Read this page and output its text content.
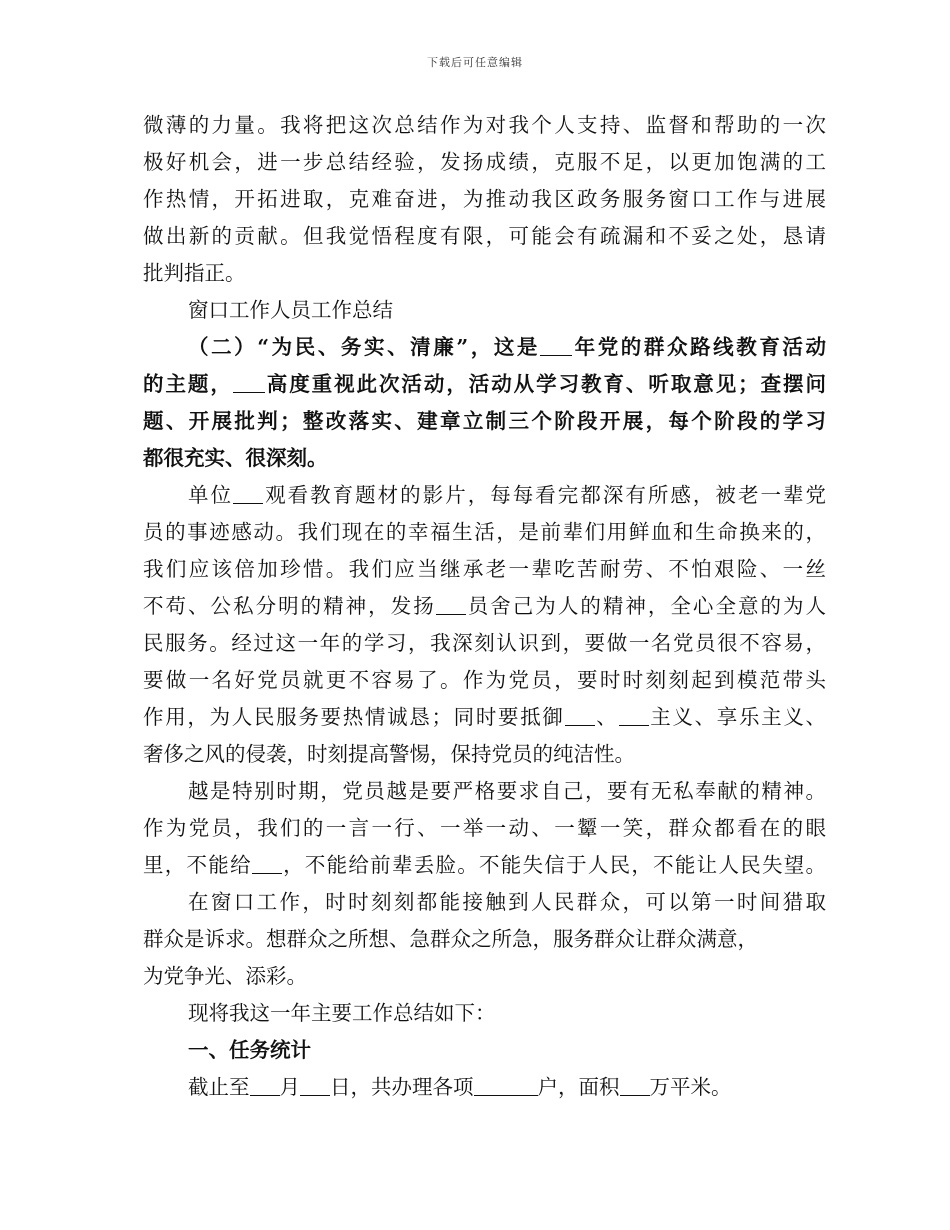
下载后可任意编辑
微薄的力量。我将把这次总结作为对我个人支持、监督和帮助的一次
极好机会，进一步总结经验，发扬成绩，克服不足，以更加饱满的工
作热情，开拓进取，克难奋进，为推动我区政务服务窗口工作与进展
做出新的贡献。但我觉悟程度有限，可能会有疏漏和不妥之处，恳请
批判指正。
窗口工作人员工作总结
（二）“为民、务实、清廉”，这是 年党的群众路线教育活动
的主题， 高度重视此次活动，活动从学习教育、听取意见；查摆问
题、开展批判；整改落实、建章立制三个阶段开展，每个阶段的学习
都很充实、很深刻。
单位 观看教育题材的影片，每每看完都深有所感，被老一辈党
员的事迹感动。我们现在的幸福生活，是前辈们用鲜血和生命换来的，
我们应该倍加珍惜。我们应当继承老一辈吃苦耐劳、不怕艰险、一丝
不苟、公私分明的精神，发扬 员舍己为人的精神，全心全意的为人
民服务。经过这一年的学习，我深刻认识到，要做一名党员很不容易，
要做一名好党员就更不容易了。作为党员，要时时刻刻起到模范带头
作用，为人民服务要热情诚恳；同时要抵御 、 主义、享乐主义、
奢侈之风的侵袭，时刻提高警惕，保持党员的纯洁性。
越是特别时期，党员越是要严格要求自己，要有无私奉献的精神。
作为党员，我们的一言一行、一举一动、一颦一笑，群众都看在的眼
里，不能给 ，不能给前辈丢脸。不能失信于人民，不能让人民失望。
在窗口工作，时时刻刻都能接触到人民群众，可以第一时间猎取
群众是诉求。想群众之所想、急群众之所急，服务群众让群众满意，
为党争光、添彩。
现将我这一年主要工作总结如下：
一、任务统计
截止至 月 日，共办理各项	户，面积 万平米。
